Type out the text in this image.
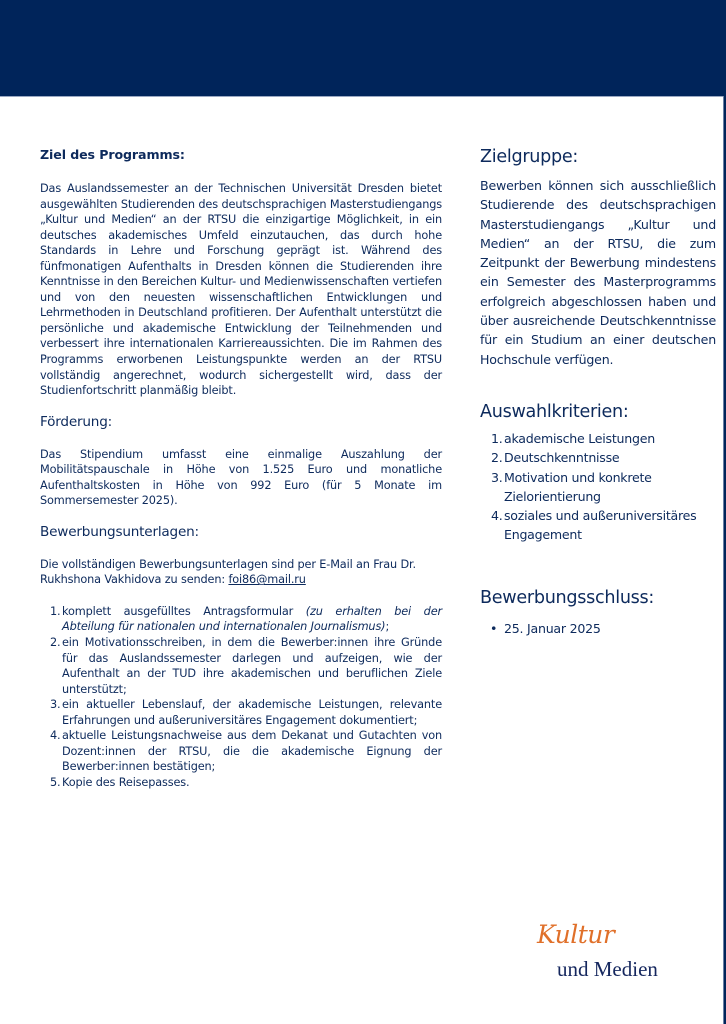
Ziel des Programms:

Das Auslandssemester an der Technischen Universität Dresden bietet ausgewählten Studierenden des deutschsprachigen Masterstudiengangs „Kultur und Medien“ an der RTSU die einzigartige Möglichkeit, in ein deutsches akademisches Umfeld einzutauchen, das durch hohe Standards in Lehre und Forschung geprägt ist. Während des fünfmonatigen Aufenthalts in Dresden können die Studierenden ihre Kenntnisse in den Bereichen Kultur- und Medienwissenschaften vertiefen und von den neuesten wissenschaftlichen Entwicklungen und Lehrmethoden in Deutschland profitieren. Der Aufenthalt unterstützt die persönliche und akademische Entwicklung der Teilnehmenden und verbessert ihre internationalen Karriereaussichten. Die im Rahmen des Programms erworbenen Leistungspunkte werden an der RTSU vollständig angerechnet, wodurch sichergestellt wird, dass der Studienfortschritt planmäßig bleibt.

Förderung:

Das Stipendium umfasst eine einmalige Auszahlung der Mobilitätspauschale in Höhe von 1.525 Euro und monatliche Aufenthaltskosten in Höhe von 992 Euro (für 5 Monate im Sommersemester 2025).

Bewerbungsunterlagen:

Die vollständigen Bewerbungsunterlagen sind per E-Mail an Frau Dr. Rukhshona Vakhidova zu senden: foi86@mail.ru

1. komplett ausgefülltes Antragsformular (zu erhalten bei der Abteilung für nationalen und internationalen Journalismus);
2. ein Motivationsschreiben, in dem die Bewerber:innen ihre Gründe für das Auslandssemester darlegen und aufzeigen, wie der Aufenthalt an der TUD ihre akademischen und beruflichen Ziele unterstützt;
3. ein aktueller Lebenslauf, der akademische Leistungen, relevante Erfahrungen und außeruniversitäres Engagement dokumentiert;
4. aktuelle Leistungsnachweise aus dem Dekanat und Gutachten von Dozent:innen der RTSU, die die akademische Eignung der Bewerber:innen bestätigen;
5. Kopie des Reisepasses.
Zielgruppe:

Bewerben können sich ausschließlich Studierende des deutschsprachigen Masterstudiengangs „Kultur und Medien“ an der RTSU, die zum Zeitpunkt der Bewerbung mindestens ein Semester des Masterprogramms erfolgreich abgeschlossen haben und über ausreichende Deutschkenntnisse für ein Studium an einer deutschen Hochschule verfügen.

Auswahlkriterien:
1. akademische Leistungen
2. Deutschkenntnisse
3. Motivation und konkrete Zielorientierung
4. soziales und außeruniversitäres Engagement
Bewerbungsschluss:
• 25. Januar 2025
Kultur
und Medien
